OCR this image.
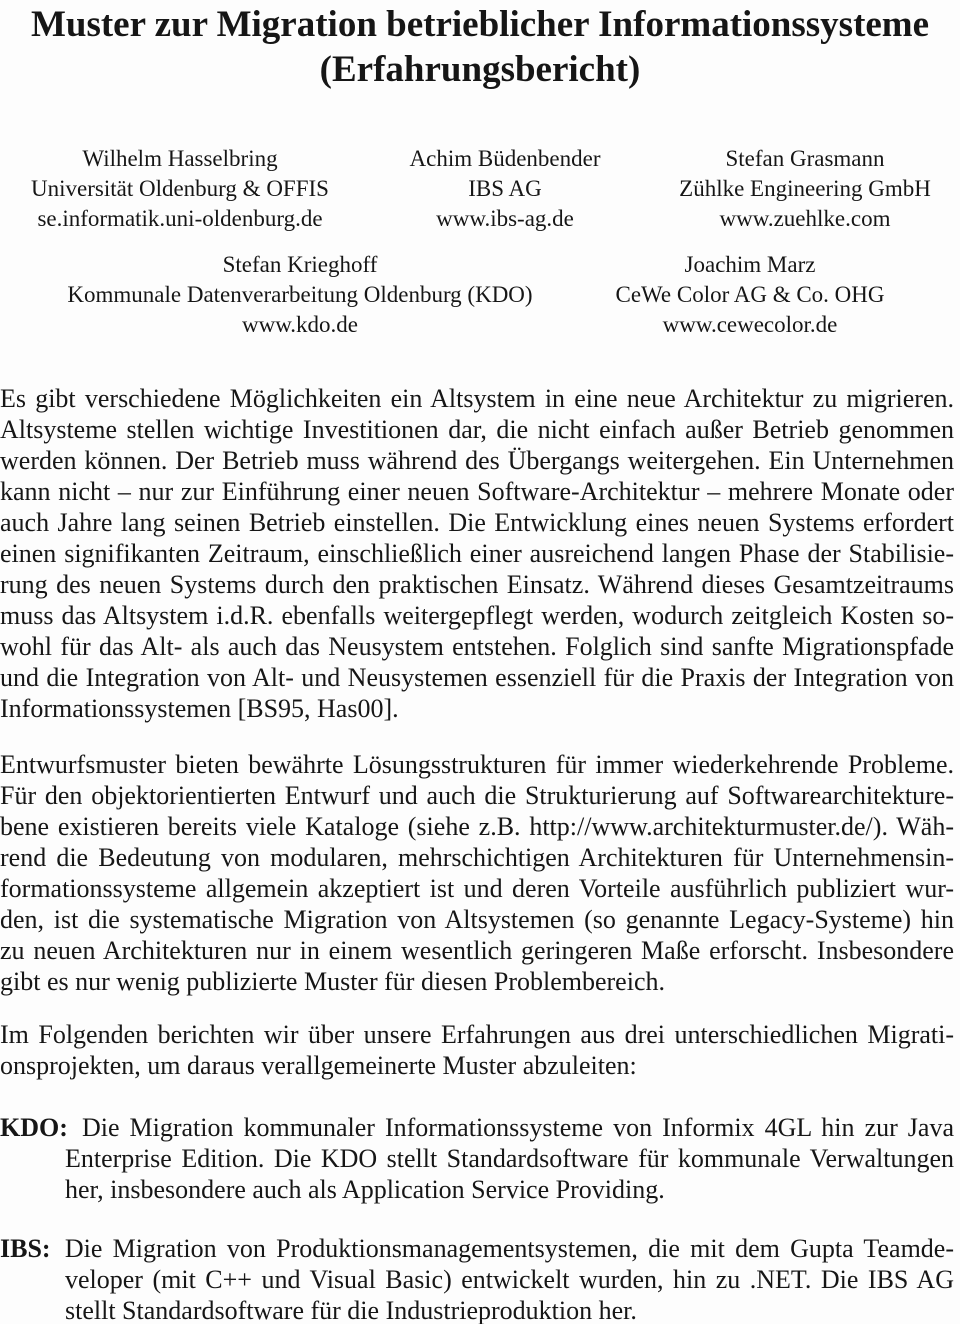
Muster zur Migration betrieblicher Informationssysteme
(Erfahrungsbericht)
Wilhelm Hasselbring
Universität Oldenburg & OFFIS
se.informatik.uni-oldenburg.de
Achim Büdenbender
IBS AG
www.ibs-ag.de
Stefan Grasmann
Zühlke Engineering GmbH
www.zuehlke.com
Stefan Krieghoff
Kommunale Datenverarbeitung Oldenburg (KDO)
www.kdo.de
Joachim Marz
CeWe Color AG & Co. OHG
www.cewecolor.de
Es gibt verschiedene Möglichkeiten ein Altsystem in eine neue Architektur zu migrieren.
Altsysteme stellen wichtige Investitionen dar, die nicht einfach außer Betrieb genommen
werden können. Der Betrieb muss während des Übergangs weitergehen. Ein Unternehmen
kann nicht – nur zur Einführung einer neuen Software-Architektur – mehrere Monate oder
auch Jahre lang seinen Betrieb einstellen. Die Entwicklung eines neuen Systems erfordert
einen signifikanten Zeitraum, einschließlich einer ausreichend langen Phase der Stabilisie-
rung des neuen Systems durch den praktischen Einsatz. Während dieses Gesamtzeitraums
muss das Altsystem i.d.R. ebenfalls weitergepflegt werden, wodurch zeitgleich Kosten so-
wohl für das Alt- als auch das Neusystem entstehen. Folglich sind sanfte Migrationspfade
und die Integration von Alt- und Neusystemen essenziell für die Praxis der Integration von
Informationssystemen [BS95, Has00].
Entwurfsmuster bieten bewährte Lösungsstrukturen für immer wiederkehrende Probleme.
Für den objektorientierten Entwurf und auch die Strukturierung auf Softwarearchitekture-
bene existieren bereits viele Kataloge (siehe z.B. http://www.architekturmuster.de/). Wäh-
rend die Bedeutung von modularen, mehrschichtigen Architekturen für Unternehmensin-
formationssysteme allgemein akzeptiert ist und deren Vorteile ausführlich publiziert wur-
den, ist die systematische Migration von Altsystemen (so genannte Legacy-Systeme) hin
zu neuen Architekturen nur in einem wesentlich geringeren Maße erforscht. Insbesondere
gibt es nur wenig publizierte Muster für diesen Problembereich.
Im Folgenden berichten wir über unsere Erfahrungen aus drei unterschiedlichen Migrati-
onsprojekten, um daraus verallgemeinerte Muster abzuleiten:
KDO: Die Migration kommunaler Informationssysteme von Informix 4GL hin zur Java
Enterprise Edition. Die KDO stellt Standardsoftware für kommunale Verwaltungen
her, insbesondere auch als Application Service Providing.
IBS: Die Migration von Produktionsmanagementsystemen, die mit dem Gupta Teamde-
veloper (mit C++ und Visual Basic) entwickelt wurden, hin zu .NET. Die IBS AG
stellt Standardsoftware für die Industrieproduktion her.
